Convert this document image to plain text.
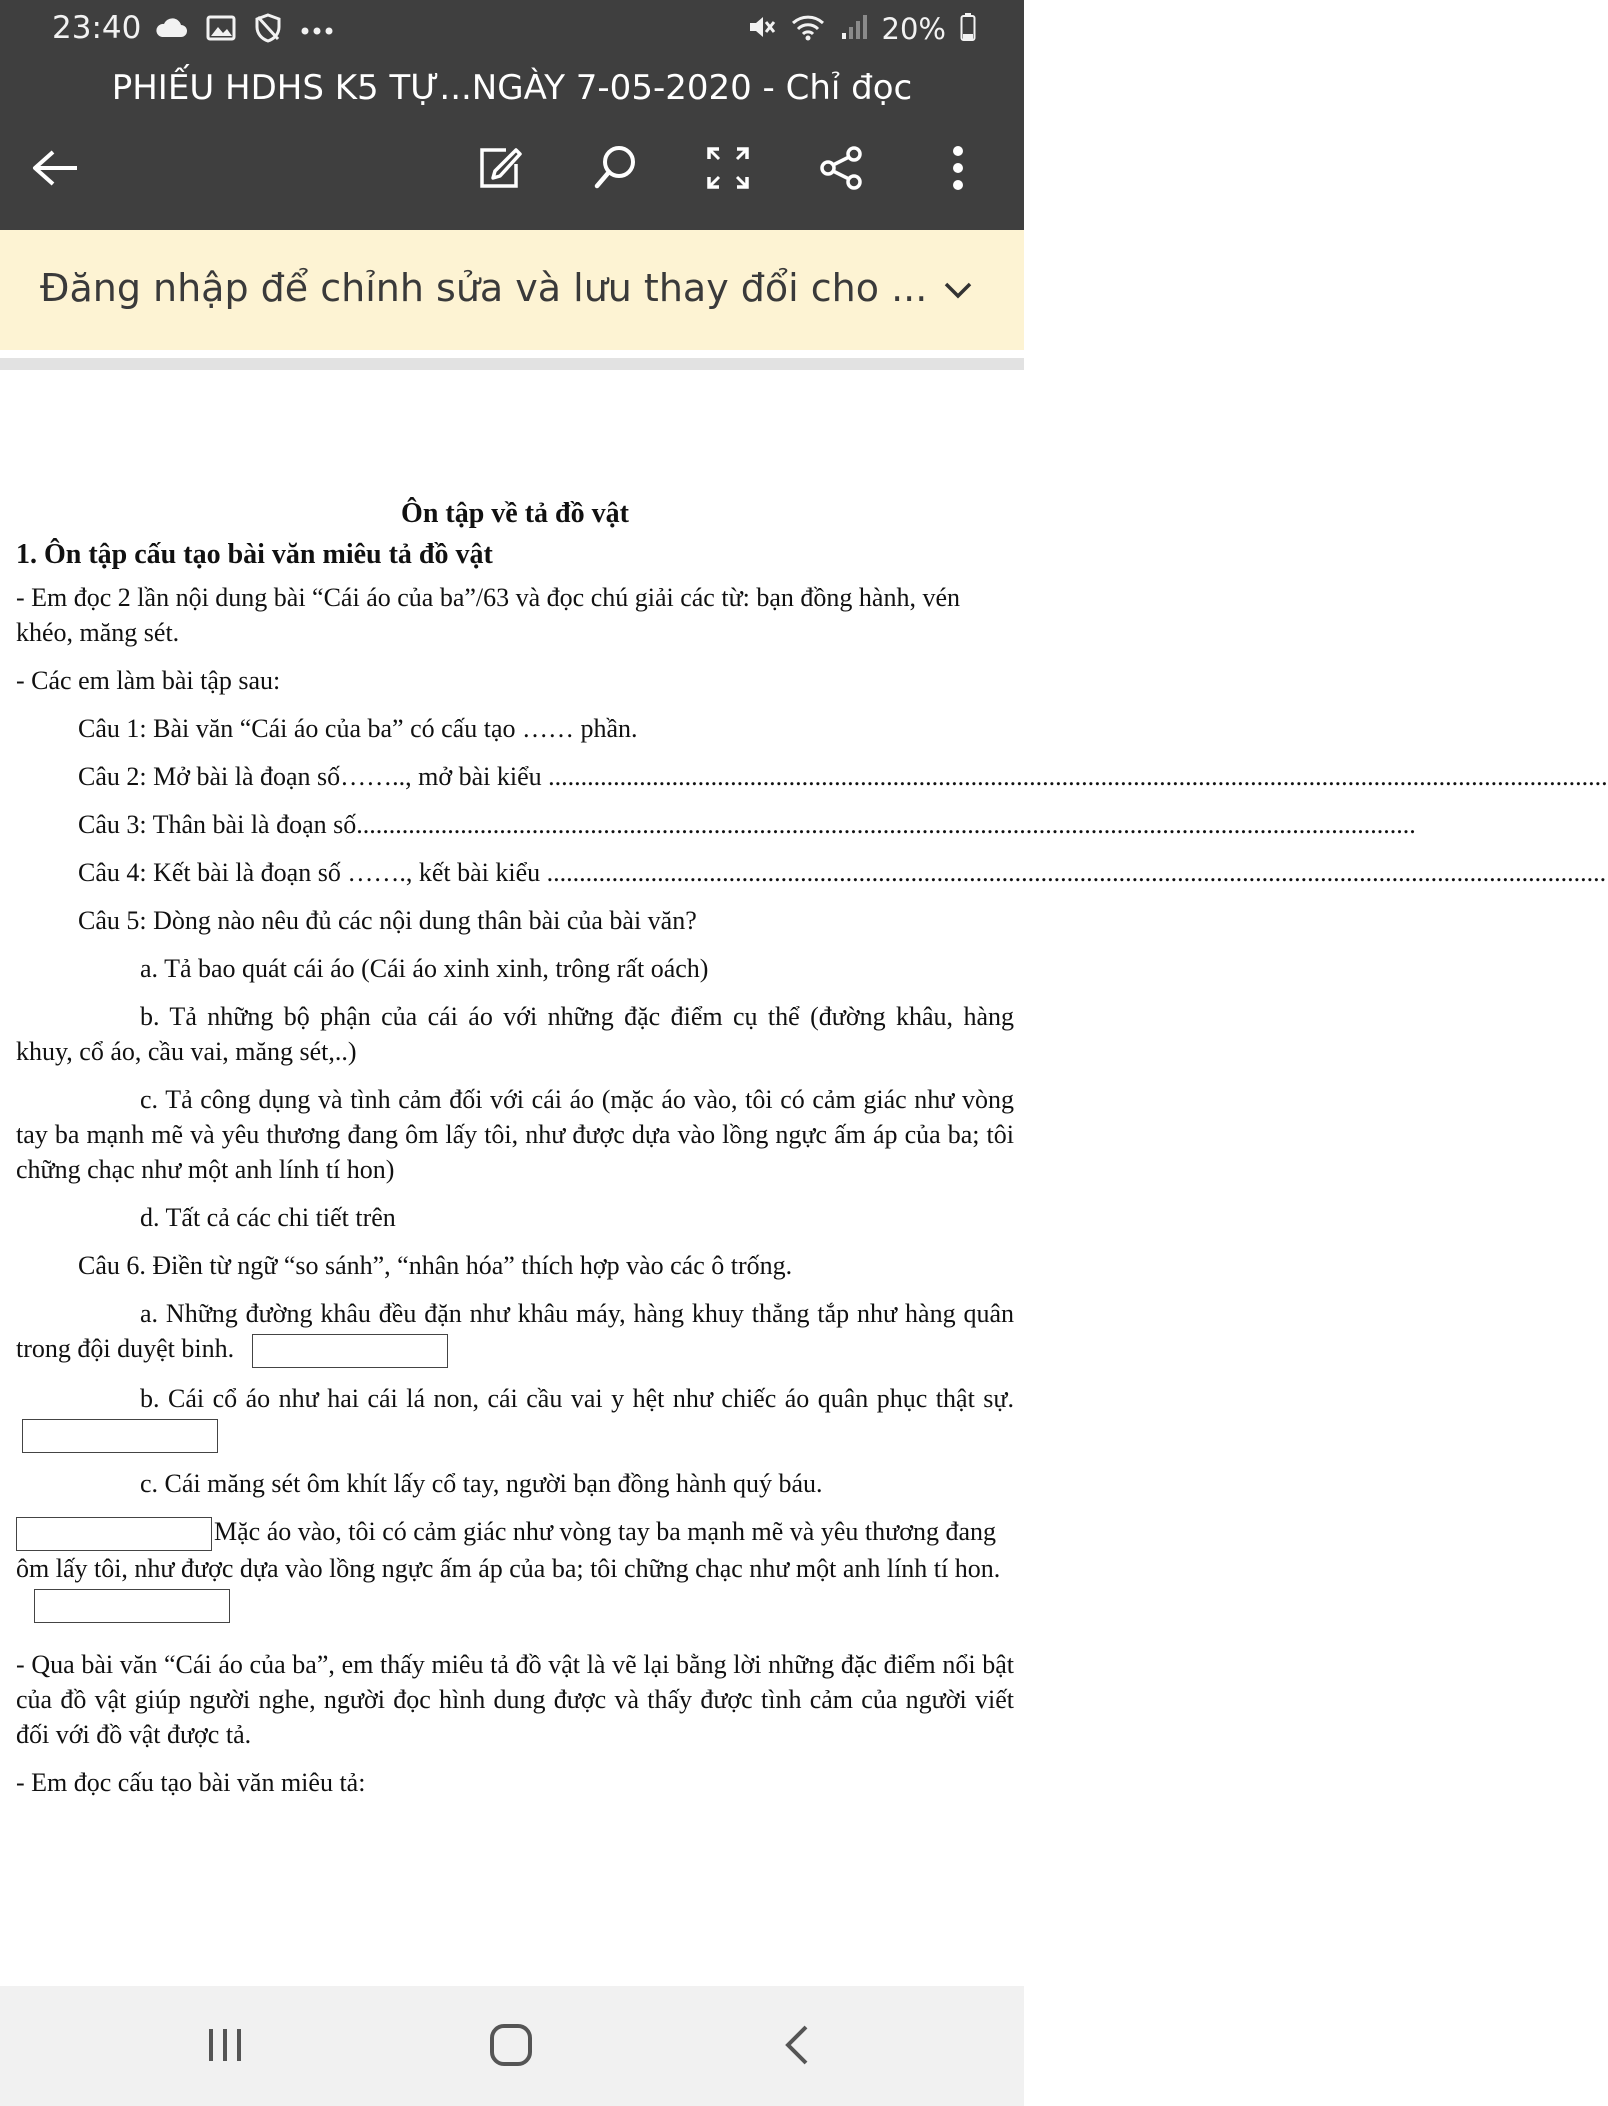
23:40	20%
PHIẾU HDHS K5 TỰ...NGÀY 7-05-2020 - Chỉ đọc
Đăng nhập để chỉnh sửa và lưu thay đổi cho ...

Ôn tập về tả đồ vật

1. Ôn tập cấu tạo bài văn miêu tả đồ vật

- Em đọc 2 lần nội dung bài “Cái áo của ba”/63 và đọc chú giải các từ: bạn đồng hành, vén khéo, măng sét.

- Các em làm bài tập sau:

Câu 1: Bài văn “Cái áo của ba” có cấu tạo …… phần.

Câu 2: Mở bài là đoạn số…….., mở bài kiểu ...................................................................................................................................................................

Câu 3: Thân bài là đoạn số...................................................................................................................................................................

Câu 4: Kết bài là đoạn số ……., kết bài kiểu ...................................................................................................................................................................

Câu 5: Dòng nào nêu đủ các nội dung thân bài của bài văn?

a. Tả bao quát cái áo (Cái áo xinh xinh, trông rất oách)

b. Tả những bộ phận của cái áo với những đặc điểm cụ thể (đường khâu, hàng khuy, cổ áo, cầu vai, măng sét,..)

c. Tả công dụng và tình cảm đối với cái áo (mặc áo vào, tôi có cảm giác như vòng tay ba mạnh mẽ và yêu thương đang ôm lấy tôi, như được dựa vào lồng ngực ấm áp của ba; tôi chững chạc như một anh lính tí hon)

d. Tất cả các chi tiết trên

Câu 6. Điền từ ngữ “so sánh”, “nhân hóa” thích hợp vào các ô trống.

a. Những đường khâu đều đặn như khâu máy, hàng khuy thẳng tắp như hàng quân trong đội duyệt binh.

b. Cái cổ áo như hai cái lá non, cái cầu vai y hệt như chiếc áo quân phục thật sự.

c. Cái măng sét ôm khít lấy cổ tay, người bạn đồng hành quý báu.

Mặc áo vào, tôi có cảm giác như vòng tay ba mạnh mẽ và yêu thương đang ôm lấy tôi, như được dựa vào lồng ngực ấm áp của ba; tôi chững chạc như một anh lính tí hon.

- Qua bài văn “Cái áo của ba”, em thấy miêu tả đồ vật là vẽ lại bằng lời những đặc điểm nổi bật của đồ vật giúp người nghe, người đọc hình dung được và thấy được tình cảm của người viết đối với đồ vật được tả.

- Em đọc cấu tạo bài văn miêu tả:
